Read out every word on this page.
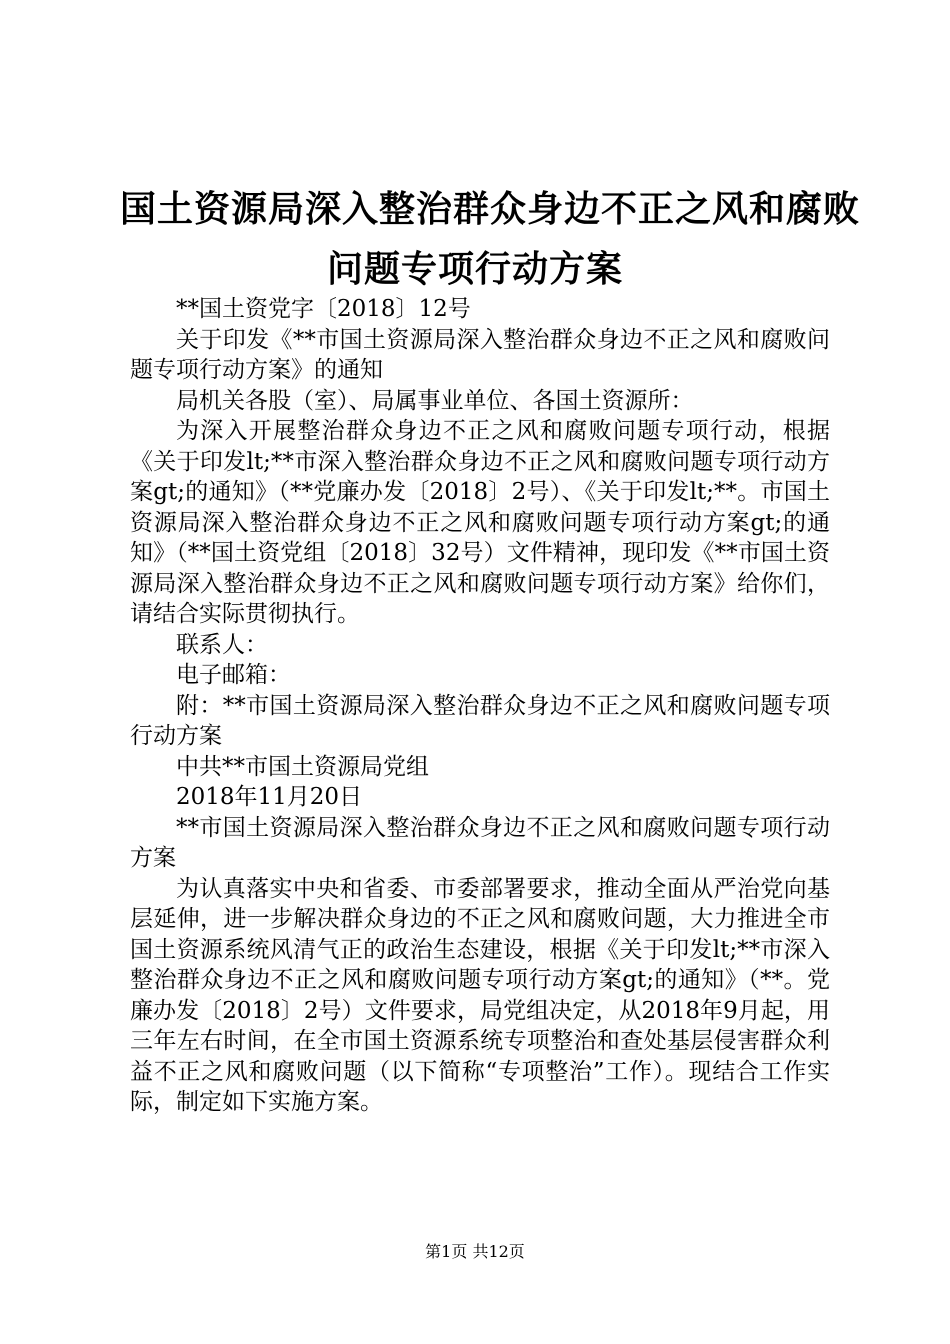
国土资源局深入整治群众身边不正之风和腐败
问题专项行动方案

**国土资党字〔2018〕12号

关于印发《**市国土资源局深入整治群众身边不正之风和腐败问题专项行动方案》的通知

局机关各股（室）、局属事业单位、各国土资源所：

为深入开展整治群众身边不正之风和腐败问题专项行动，根据《关于印发lt;**市深入整治群众身边不正之风和腐败问题专项行动方案gt;的通知》（**党廉办发〔2018〕2号）、《关于印发lt;**。市国土资源局深入整治群众身边不正之风和腐败问题专项行动方案gt;的通知》（**国土资党组〔2018〕32号）文件精神，现印发《**市国土资源局深入整治群众身边不正之风和腐败问题专项行动方案》给你们，请结合实际贯彻执行。

联系人：

电子邮箱：

附：**市国土资源局深入整治群众身边不正之风和腐败问题专项行动方案

中共**市国土资源局党组

2018年11月20日

**市国土资源局深入整治群众身边不正之风和腐败问题专项行动方案

为认真落实中央和省委、市委部署要求，推动全面从严治党向基层延伸，进一步解决群众身边的不正之风和腐败问题，大力推进全市国土资源系统风清气正的政治生态建设，根据《关于印发lt;**市深入整治群众身边不正之风和腐败问题专项行动方案gt;的通知》（**。党廉办发〔2018〕2号）文件要求，局党组决定，从2018年9月起，用三年左右时间，在全市国土资源系统专项整治和查处基层侵害群众利益不正之风和腐败问题（以下简称“专项整治”工作）。现结合工作实际，制定如下实施方案。

第1页 共12页
